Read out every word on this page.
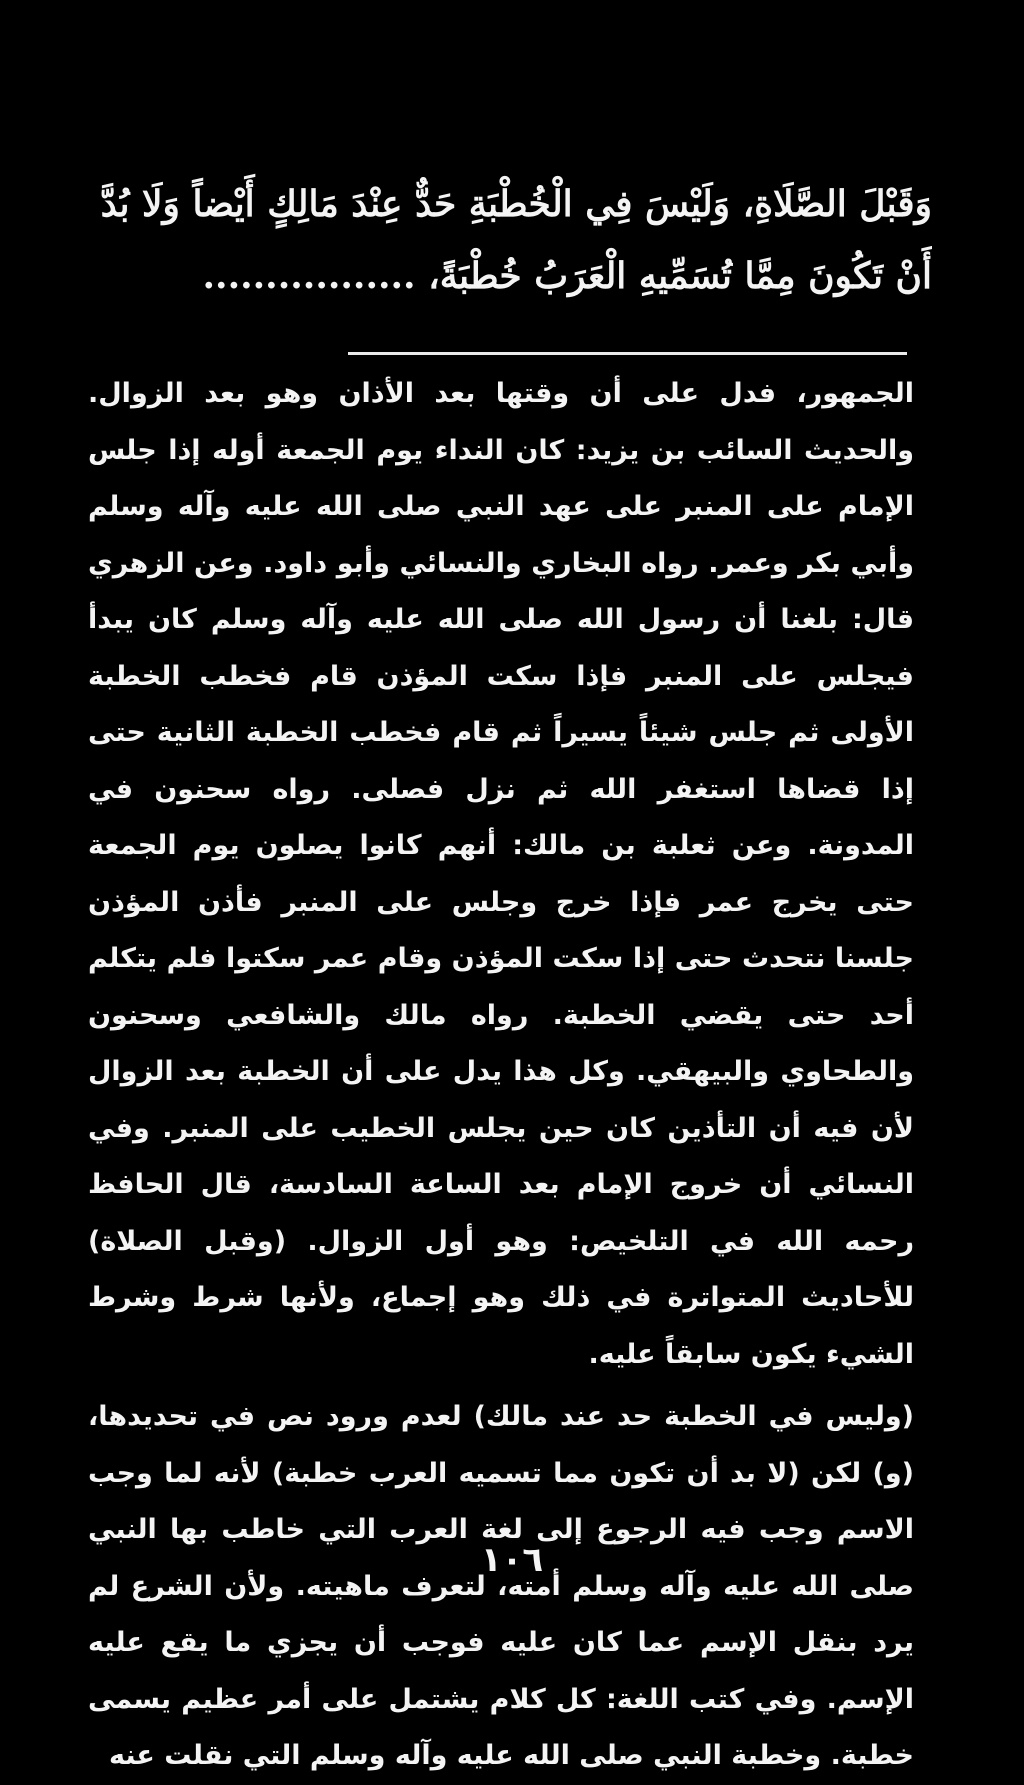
وَقَبْلَ الصَّلَاةِ، وَلَيْسَ فِي الْخُطْبَةِ حَدٌّ عِنْدَ مَالِكٍ أَيْضاً وَلَا بُدَّ
أَنْ تَكُونَ مِمَّا تُسَمِّيهِ الْعَرَبُ خُطْبَةً، .................

الجمهور، فدل على أن وقتها بعد الأذان وهو بعد الزوال. والحديث السائب بن يزيد: كان النداء يوم الجمعة أوله إذا جلس الإمام على المنبر على عهد النبي صلى الله عليه وآله وسلم وأبي بكر وعمر. رواه البخاري والنسائي وأبو داود. وعن الزهري قال: بلغنا أن رسول الله صلى الله عليه وآله وسلم كان يبدأ فيجلس على المنبر فإذا سكت المؤذن قام فخطب الخطبة الأولى ثم جلس شيئاً يسيراً ثم قام فخطب الخطبة الثانية حتى إذا قضاها استغفر الله ثم نزل فصلى. رواه سحنون في المدونة. وعن ثعلبة بن مالك: أنهم كانوا يصلون يوم الجمعة حتى يخرج عمر فإذا خرج وجلس على المنبر فأذن المؤذن جلسنا نتحدث حتى إذا سكت المؤذن وقام عمر سكتوا فلم يتكلم أحد حتى يقضي الخطبة. رواه مالك والشافعي وسحنون والطحاوي والبيهقي. وكل هذا يدل على أن الخطبة بعد الزوال لأن فيه أن التأذين كان حين يجلس الخطيب على المنبر. وفي النسائي أن خروج الإمام بعد الساعة السادسة، قال الحافظ رحمه الله في التلخيص: وهو أول الزوال. (وقبل الصلاة) للأحاديث المتواترة في ذلك وهو إجماع، ولأنها شرط وشرط الشيء يكون سابقاً عليه.

(وليس في الخطبة حد عند مالك) لعدم ورود نص في تحديدها، (و) لكن (لا بد أن تكون مما تسميه العرب خطبة) لأنه لما وجب الاسم وجب فيه الرجوع إلى لغة العرب التي خاطب بها النبي صلى الله عليه وآله وسلم أمته، لتعرف ماهيته. ولأن الشرع لم يرد بنقل الإسم عما كان عليه فوجب أن يجزي ما يقع عليه الإسم. وفي كتب اللغة: كل كلام يشتمل على أمر عظيم يسمى خطبة. وخطبة النبي صلى الله عليه وآله وسلم التي نقلت عنه

١٠٦
